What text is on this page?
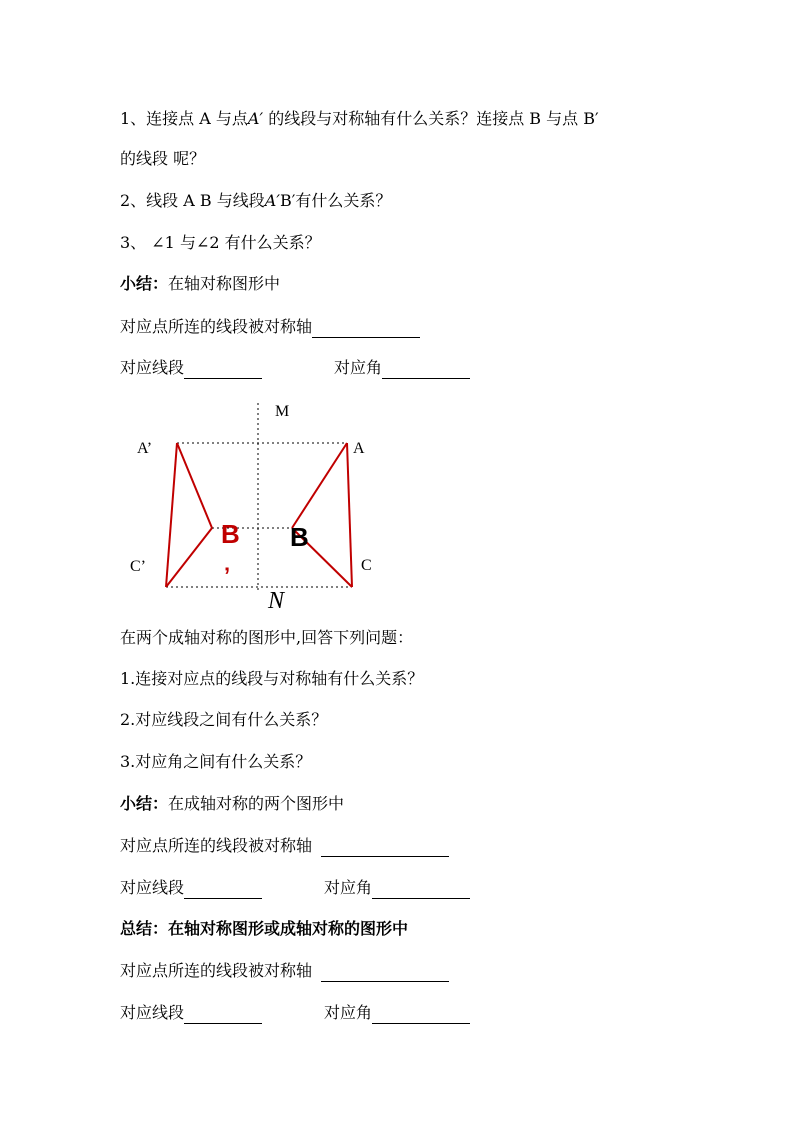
1、连接点 A 与点A′ 的线段与对称轴有什么关系？连接点 B 与点 B′
的线段 呢？
2、线段 A B 与线段A′B′有什么关系？
3、 ∠1 与∠2 有什么关系？
小结：在轴对称图形中
对应点所连的线段被对称轴
对应线段	对应角
M
N
A’	A
C’	C
B
’
B
在两个成轴对称的图形中,回答下列问题：
1.连接对应点的线段与对称轴有什么关系？
2.对应线段之间有什么关系？
3.对应角之间有什么关系？
小结：在成轴对称的两个图形中
对应点所连的线段被对称轴
对应线段	对应角
总结：在轴对称图形或成轴对称的图形中
对应点所连的线段被对称轴
对应线段	对应角
